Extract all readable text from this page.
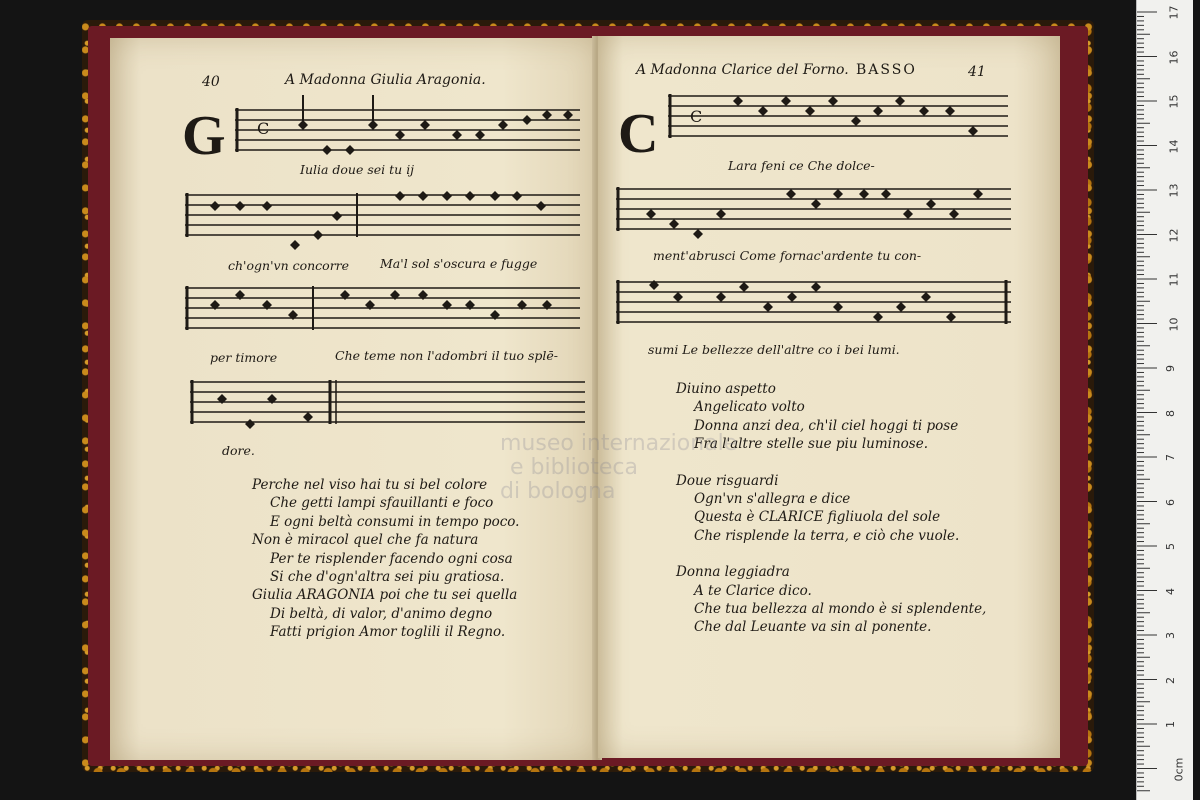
40	A Madonna Giulia Aragonia.
G C
Iulia doue sei tu ij
ch'ogn'vn concorre Ma'l sol s'oscura e fugge
per timore	Che teme non l'adombri il tuo splē-
dore.
Perche nel viso hai tu si bel colore
Che getti lampi sfauillanti e foco
E ogni beltà consumi in tempo poco.
Non è miracol quel che fa natura
Per te risplender facendo ogni cosa
Si che d'ogn'altra sei piu gratiosa.
Giulia ARAGONIA poi che tu sei quella
Di beltà, di valor, d'animo degno
Fatti prigion Amor toglili il Regno.
A Madonna Clarice del Forno. BASSO	41
C C
Lara feni ce Che dolce-
ment'abrusci Come fornac'ardente tu con-
sumi Le bellezze dell'altre co i bei lumi.
Diuino aspetto
Angelicato volto
Donna anzi dea, ch'il ciel hoggi ti pose
Fra l'altre stelle sue piu luminose.
Doue risguardi
Ogn'vn s'allegra e dice
Questa è CLARICE figliuola del sole
Che risplende la terra, e ciò che vuole.
Donna leggiadra
A te Clarice dico.
Che tua bellezza al mondo è si splendente,
Che dal Leuante va sin al ponente.
museo internazionale
e biblioteca
di bologna
17
16
15
14
13
12
11
10
9
8
7
6
5
4
3
2
1
0cm
